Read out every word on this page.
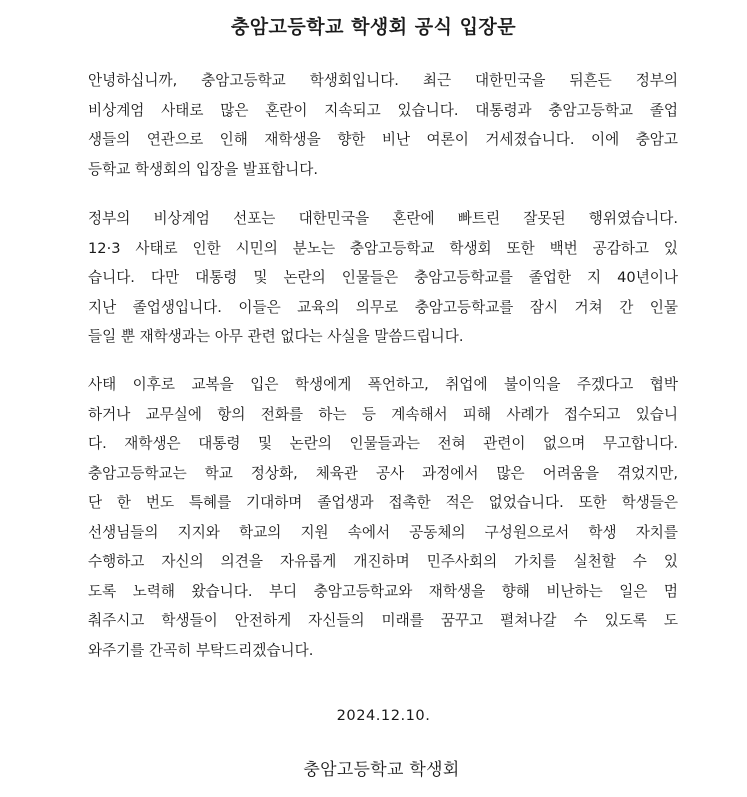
충암고등학교 학생회 공식 입장문
안녕하십니까, 충암고등학교 학생회입니다. 최근 대한민국을 뒤흔든 정부의
비상계엄 사태로 많은 혼란이 지속되고 있습니다. 대통령과 충암고등학교 졸업
생들의 연관으로 인해 재학생을 향한 비난 여론이 거세졌습니다. 이에 충암고
등학교 학생회의 입장을 발표합니다.
정부의 비상계엄 선포는 대한민국을 혼란에 빠트린 잘못된 행위였습니다.
12·3 사태로 인한 시민의 분노는 충암고등학교 학생회 또한 백번 공감하고 있
습니다. 다만 대통령 및 논란의 인물들은 충암고등학교를 졸업한 지 40년이나
지난 졸업생입니다. 이들은 교육의 의무로 충암고등학교를 잠시 거쳐 간 인물
들일 뿐 재학생과는 아무 관련 없다는 사실을 말씀드립니다.
사태 이후로 교복을 입은 학생에게 폭언하고, 취업에 불이익을 주겠다고 협박
하거나 교무실에 항의 전화를 하는 등 계속해서 피해 사례가 접수되고 있습니
다. 재학생은 대통령 및 논란의 인물들과는 전혀 관련이 없으며 무고합니다.
충암고등학교는 학교 정상화, 체육관 공사 과정에서 많은 어려움을 겪었지만,
단 한 번도 특혜를 기대하며 졸업생과 접촉한 적은 없었습니다. 또한 학생들은
선생님들의 지지와 학교의 지원 속에서 공동체의 구성원으로서 학생 자치를
수행하고 자신의 의견을 자유롭게 개진하며 민주사회의 가치를 실천할 수 있
도록 노력해 왔습니다. 부디 충암고등학교와 재학생을 향해 비난하는 일은 멈
춰주시고 학생들이 안전하게 자신들의 미래를 꿈꾸고 펼쳐나갈 수 있도록 도
와주기를 간곡히 부탁드리겠습니다.
2024.12.10.
충암고등학교 학생회
